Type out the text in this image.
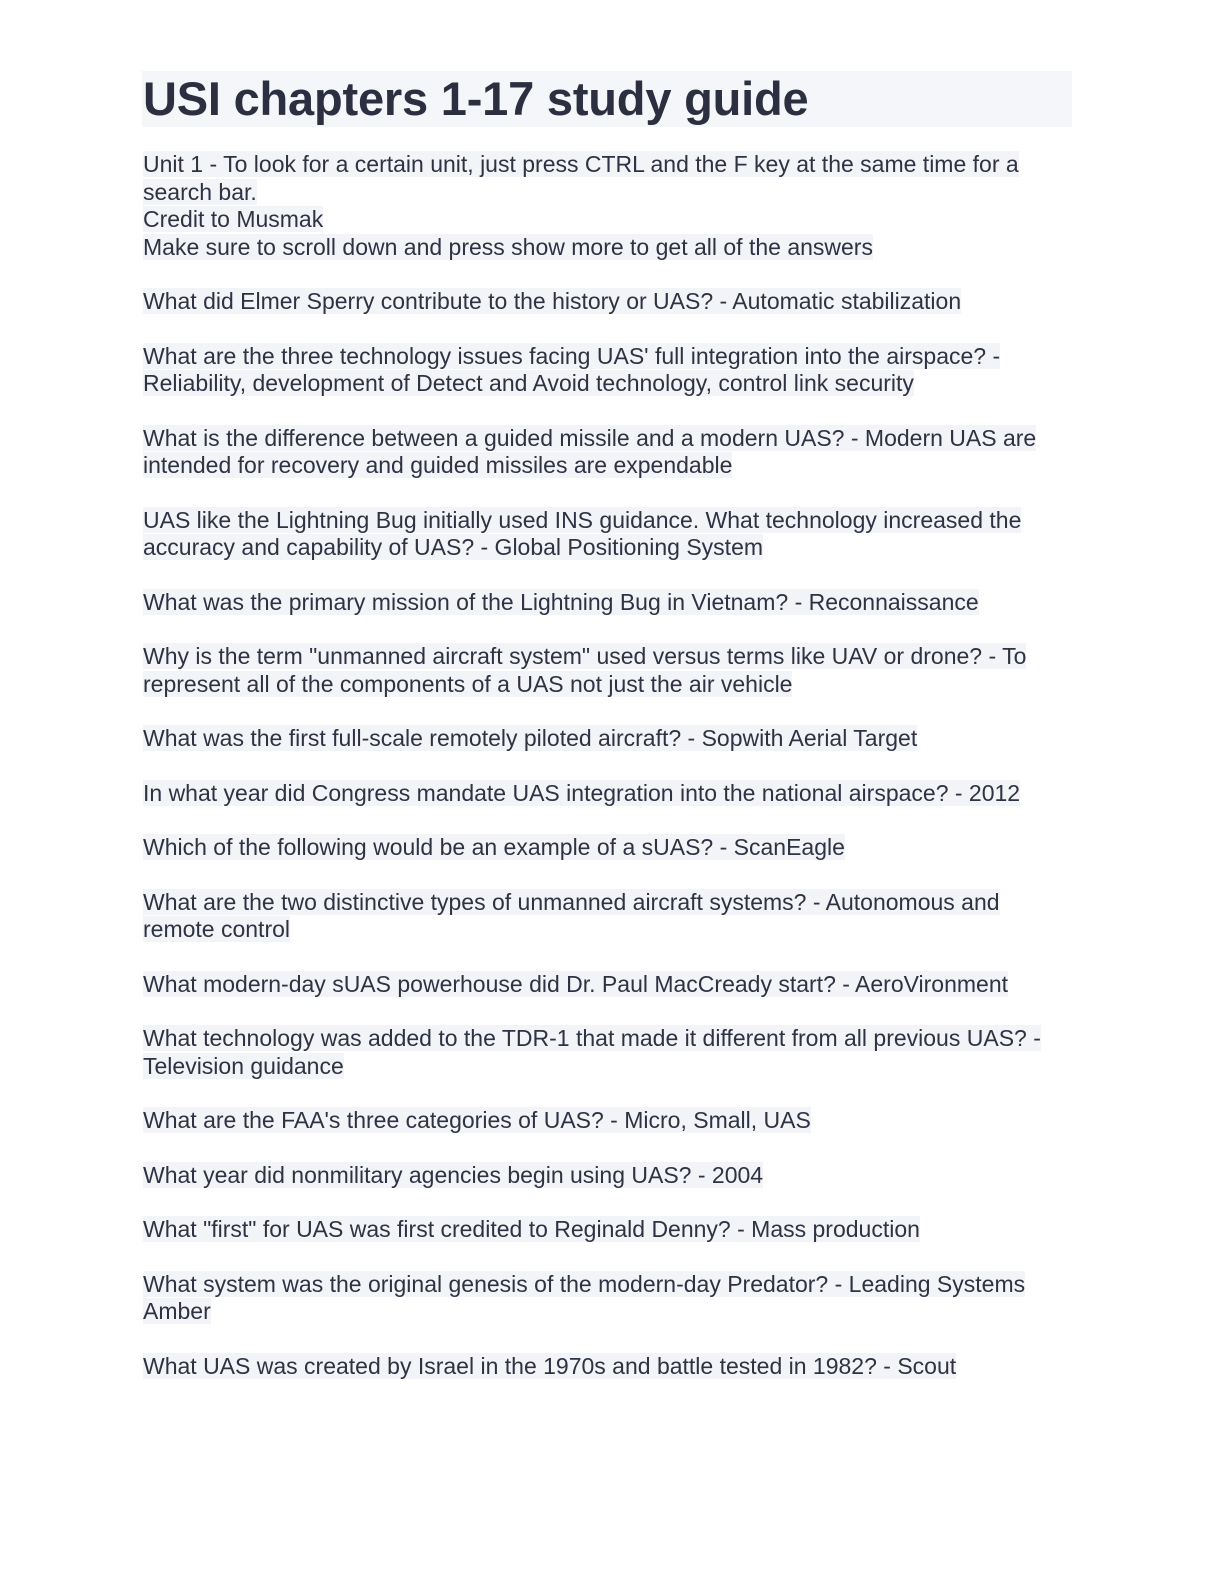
USI chapters 1-17 study guide
Unit 1 - To look for a certain unit, just press CTRL and the F key at the same time for a search bar.
Credit to Musmak
Make sure to scroll down and press show more to get all of the answers

What did Elmer Sperry contribute to the history or UAS? - Automatic stabilization

What are the three technology issues facing UAS' full integration into the airspace? - Reliability, development of Detect and Avoid technology, control link security

What is the difference between a guided missile and a modern UAS? - Modern UAS are intended for recovery and guided missiles are expendable

UAS like the Lightning Bug initially used INS guidance. What technology increased the accuracy and capability of UAS? - Global Positioning System

What was the primary mission of the Lightning Bug in Vietnam? - Reconnaissance

Why is the term "unmanned aircraft system" used versus terms like UAV or drone? - To represent all of the components of a UAS not just the air vehicle

What was the first full-scale remotely piloted aircraft? - Sopwith Aerial Target

In what year did Congress mandate UAS integration into the national airspace? - 2012

Which of the following would be an example of a sUAS? - ScanEagle

What are the two distinctive types of unmanned aircraft systems? - Autonomous and remote control

What modern-day sUAS powerhouse did Dr. Paul MacCready start? - AeroVironment

What technology was added to the TDR-1 that made it different from all previous UAS? - Television guidance

What are the FAA's three categories of UAS? - Micro, Small, UAS

What year did nonmilitary agencies begin using UAS? - 2004

What "first" for UAS was first credited to Reginald Denny? - Mass production

What system was the original genesis of the modern-day Predator? - Leading Systems Amber

What UAS was created by Israel in the 1970s and battle tested in 1982? - Scout
